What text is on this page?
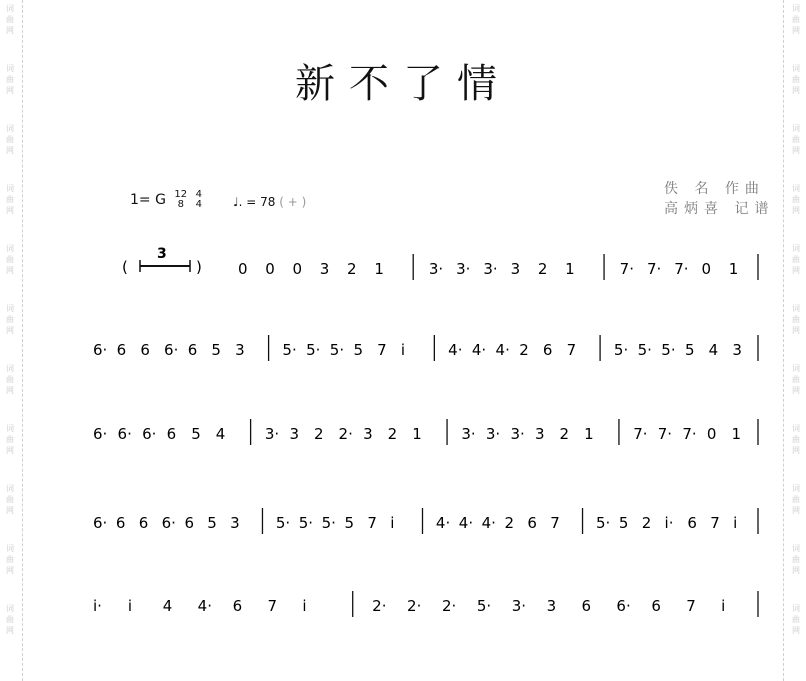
词
曲
网
词
曲
网
词
曲
网
词
曲
网
词
曲
网
词
曲
网
词
曲
网
词
曲
网
词
曲
网
词
曲
网
词
曲
网
词
曲
网
词
曲
网
词
曲
网
词
曲
网
词
曲
网
词
曲
网
词
曲
网
词
曲
网
词
曲
网
词
曲
网
词
曲
网
新不了情
1= G 12
8

4
4	♩. = 78 ( + )
佚 名 作曲
高炳喜 记谱
(
3
) 0 0 0 3 2 1	3· 3· 3· 3 2 1	7· 7· 7· 0 1
6· 6 6 6· 6 5 3	5· 5· 5· 5 7 i	4· 4· 4· 2 6 7	5· 5· 5· 5 4 3
6· 6· 6· 6 5 4	3· 3 2 2· 3 2 1	3· 3· 3· 3 2 1	7· 7· 7· 0 1
6· 6 6 6· 6 5 3 5· 5· 5· 5 7 i	4· 4· 4· 2 6 7 5· 5 2 i· 6 7 i
i· i 4 4· 6 7 i	2· 2· 2· 5· 3· 3 6 6· 6 7 i
